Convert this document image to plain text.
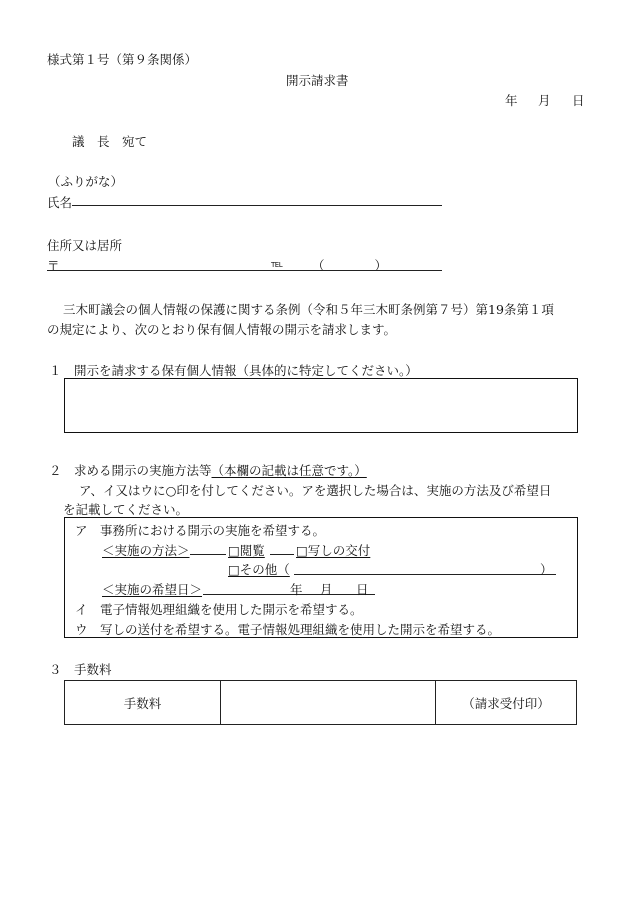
様式第１号（第９条関係）
開示請求書
年 月 日
議　長　宛て
（ふりがな）
氏名
住所又は居所
〒	TEL （　　　　）
三木町議会の個人情報の保護に関する条例（令和５年三木町条例第７号）第19条第１項
の規定により、次のとおり保有個人情報の開示を請求します。
１　開示を請求する保有個人情報（具体的に特定してください。）
２　求める開示の実施方法等（本欄の記載は任意です。）
ア、イ又はウに○印を付してください。アを選択した場合は、実施の方法及び希望日
を記載してください。
ア　事務所における開示の実施を希望する。
＜実施の方法＞	□閲覧 □写しの交付
□その他（	）
＜実施の希望日＞	年 月 日
イ　電子情報処理組織を使用した開示を希望する。
ウ　写しの送付を希望する。電子情報処理組織を使用した開示を希望する。
３　手数料
手数料	（請求受付印）
